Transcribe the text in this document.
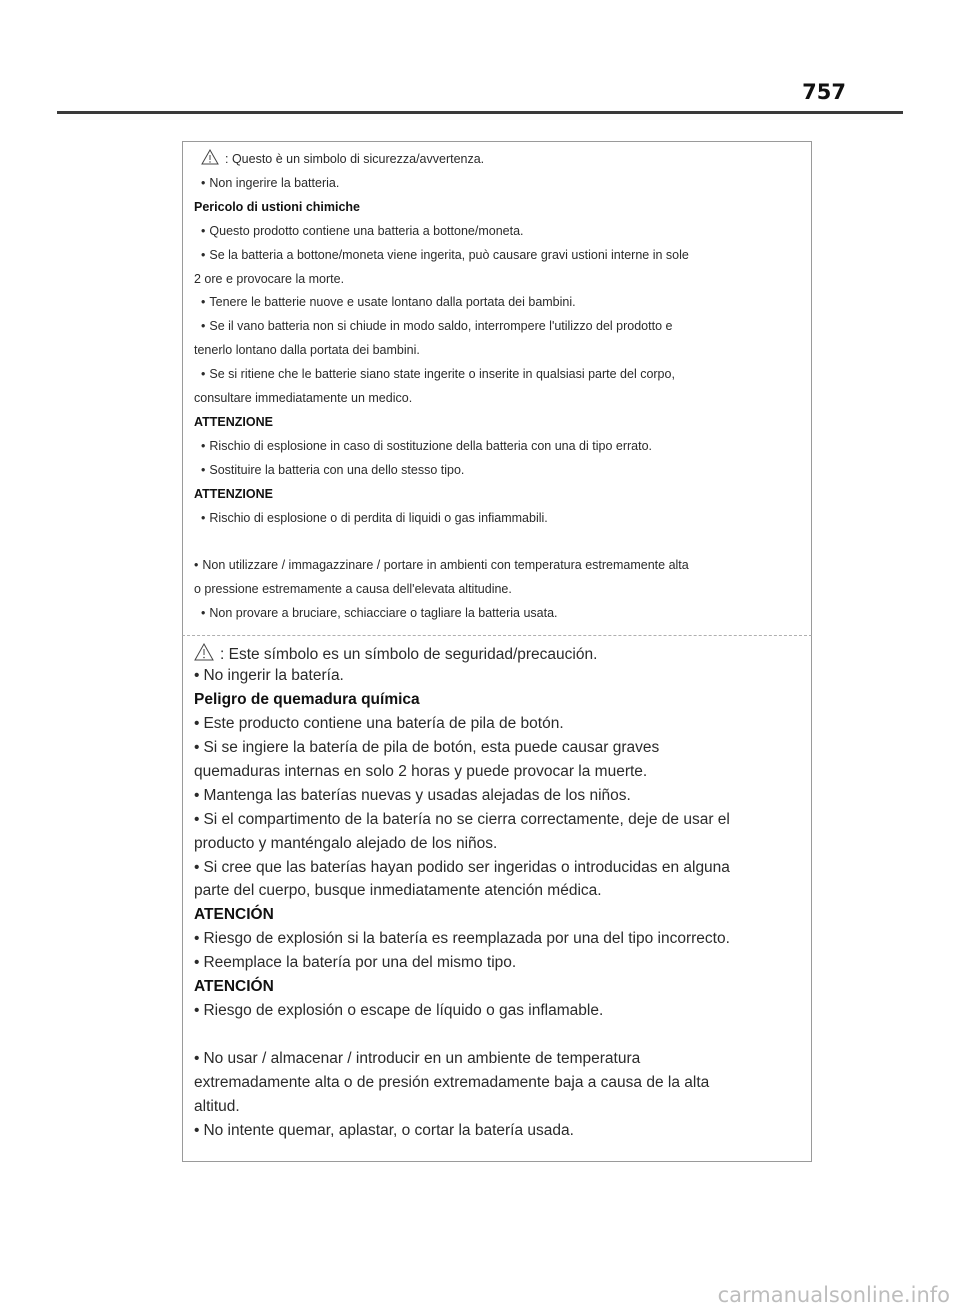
757
: Questo è un simbolo di sicurezza/avvertenza.
• Non ingerire la batteria.
Pericolo di ustioni chimiche
• Questo prodotto contiene una batteria a bottone/moneta.
• Se la batteria a bottone/moneta viene ingerita, può causare gravi ustioni interne in sole
2 ore e provocare la morte.
• Tenere le batterie nuove e usate lontano dalla portata dei bambini.
• Se il vano batteria non si chiude in modo saldo, interrompere l'utilizzo del prodotto e
tenerlo lontano dalla portata dei bambini.
• Se si ritiene che le batterie siano state ingerite o inserite in qualsiasi parte del corpo,
consultare immediatamente un medico.
ATTENZIONE
• Rischio di esplosione in caso di sostituzione della batteria con una di tipo errato.
• Sostituire la batteria con una dello stesso tipo.
ATTENZIONE
• Rischio di esplosione o di perdita di liquidi o gas infiammabili.
• Non utilizzare / immagazzinare / portare in ambienti con temperatura estremamente alta
o pressione estremamente a causa dell'elevata altitudine.
• Non provare a bruciare, schiacciare o tagliare la batteria usata.
: Este símbolo es un símbolo de seguridad/precaución.
• No ingerir la batería.
Peligro de quemadura química
• Este producto contiene una batería de pila de botón.
• Si se ingiere la batería de pila de botón, esta puede causar graves
quemaduras internas en solo 2 horas y puede provocar la muerte.
• Mantenga las baterías nuevas y usadas alejadas de los niños.
• Si el compartimento de la batería no se cierra correctamente, deje de usar el
producto y manténgalo alejado de los niños.
• Si cree que las baterías hayan podido ser ingeridas o introducidas en alguna
parte del cuerpo, busque inmediatamente atención médica.
ATENCIÓN
• Riesgo de explosión si la batería es reemplazada por una del tipo incorrecto.
• Reemplace la batería por una del mismo tipo.
ATENCIÓN
• Riesgo de explosión o escape de líquido o gas inflamable.
• No usar / almacenar / introducir en un ambiente de temperatura
extremadamente alta o de presión extremadamente baja a causa de la alta
altitud.
• No intente quemar, aplastar, o cortar la batería usada.
carmanualsonline.info
